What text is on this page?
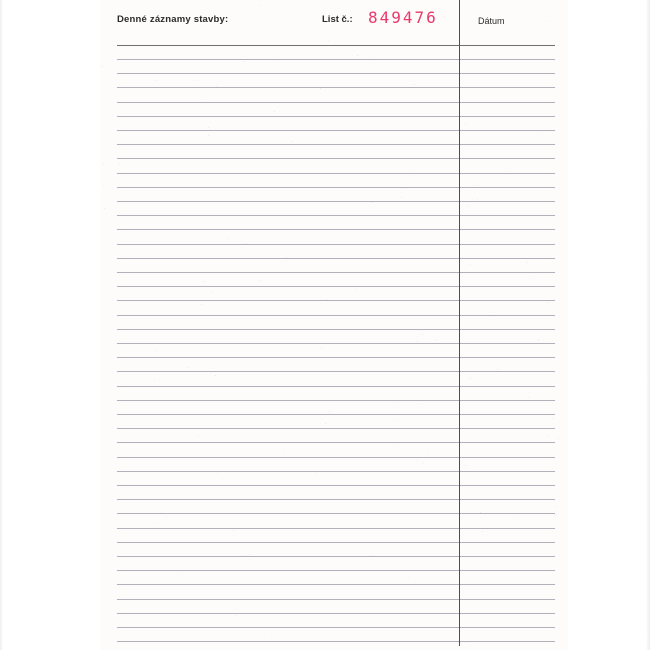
Denné záznamy stavby:	List č.: 849476	Dátum
